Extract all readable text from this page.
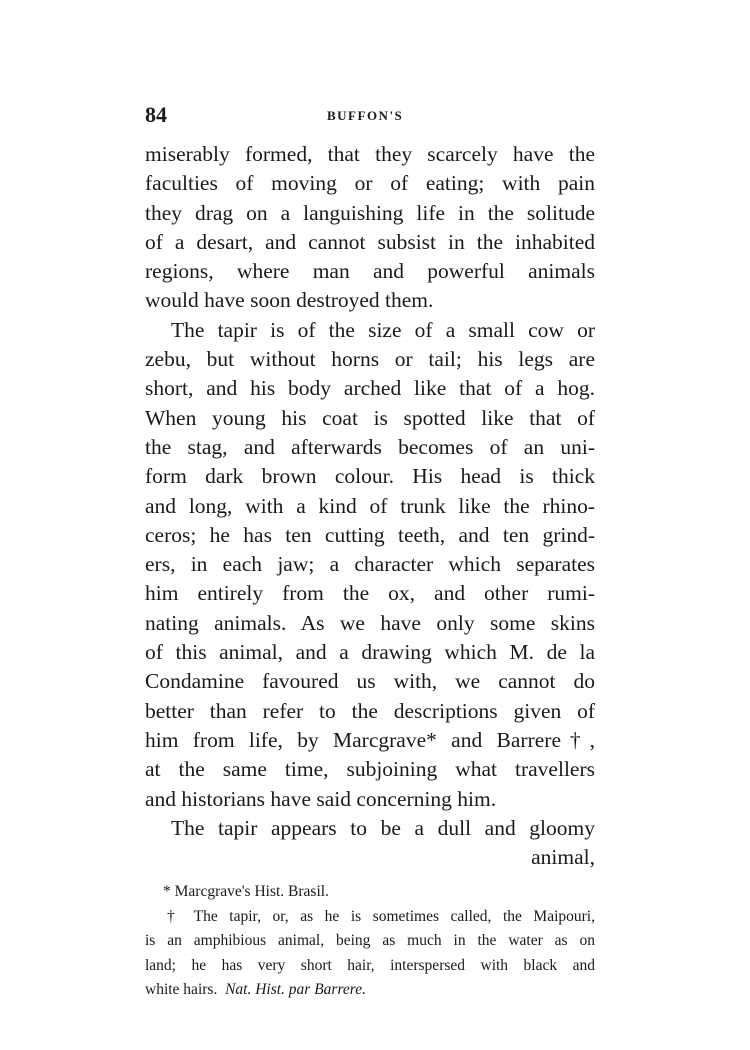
84	BUFFON'S
miserably formed, that they scarcely have the
faculties of moving or of eating; with pain
they drag on a languishing life in the solitude
of a desart, and cannot subsist in the inhabited
regions, where man and powerful animals
would have soon destroyed them.
The tapir is of the size of a small cow or
zebu, but without horns or tail; his legs are
short, and his body arched like that of a hog.
When young his coat is spotted like that of
the stag, and afterwards becomes of an uni-
form dark brown colour. His head is thick
and long, with a kind of trunk like the rhino-
ceros; he has ten cutting teeth, and ten grind-
ers, in each jaw; a character which separates
him entirely from the ox, and other rumi-
nating animals. As we have only some skins
of this animal, and a drawing which M. de la
Condamine favoured us with, we cannot do
better than refer to the descriptions given of
him from life, by Marcgrave* and Barrere†,
at the same time, subjoining what travellers
and historians have said concerning him.
The tapir appears to be a dull and gloomy
animal,
* Marcgrave's Hist. Brasil.
† The tapir, or, as he is sometimes called, the Maipouri,
is an amphibious animal, being as much in the water as on
land; he has very short hair, interspersed with black and
white hairs. Nat. Hist. par Barrere.
